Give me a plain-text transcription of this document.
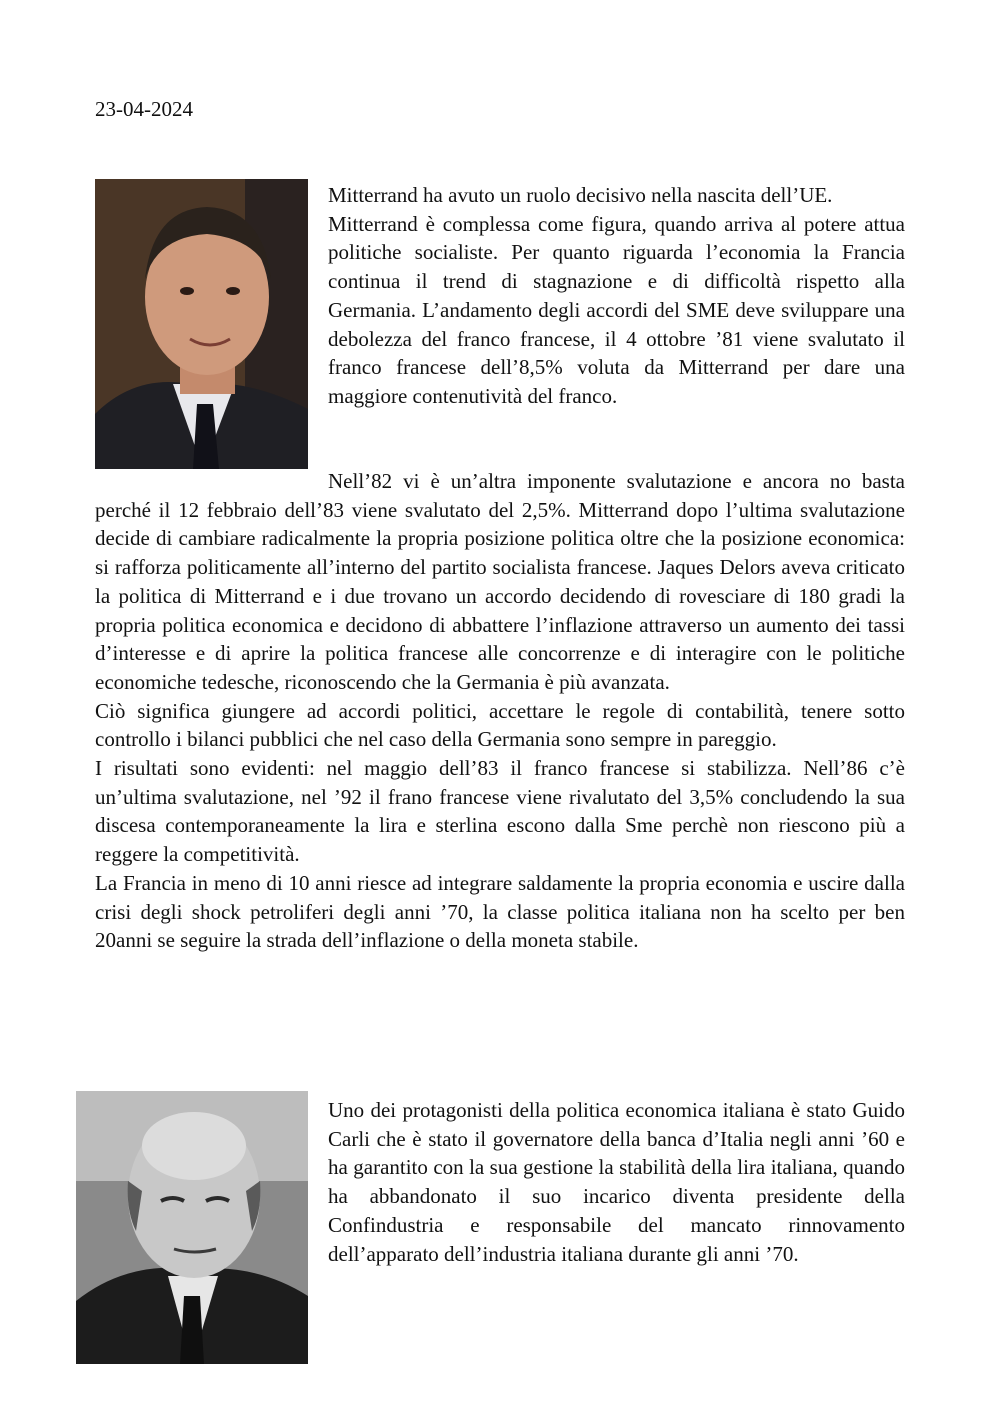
23-04-2024

Mitterrand ha avuto un ruolo decisivo nella nascita dell’UE.

Mitterrand è complessa come figura, quando arriva al potere attua politiche socialiste. Per quanto riguarda l’economia la Francia continua il trend di stagnazione e di difficoltà rispetto alla Germania. L’andamento degli accordi del SME deve sviluppare una debolezza del franco francese, il 4 ottobre ’81 viene svalutato il franco francese dell’8,5% voluta da Mitterrand per dare una maggiore contenutività del franco.

Nell’82 vi è un’altra imponente svalutazione e ancora no basta perché il 12 febbraio dell’83 viene svalutato del 2,5%. Mitterrand dopo l’ultima svalutazione decide di cambiare radicalmente la propria posizione politica oltre che la posizione economica: si rafforza politicamente all’interno del partito socialista francese. Jaques Delors aveva criticato la politica di Mitterrand e i due trovano un accordo decidendo di rovesciare di 180 gradi la propria politica economica e decidono di abbattere l’inflazione attraverso un aumento dei tassi d’interesse e di aprire la politica francese alle concorrenze e di interagire con le politiche economiche tedesche, riconoscendo che la Germania è più avanzata.

Ciò significa giungere ad accordi politici, accettare le regole di contabilità, tenere sotto controllo i bilanci pubblici che nel caso della Germania sono sempre in pareggio.

I risultati sono evidenti: nel maggio dell’83 il franco francese si stabilizza. Nell’86 c’è un’ultima svalutazione, nel ’92 il frano francese viene rivalutato del 3,5% concludendo la sua discesa contemporaneamente la lira e sterlina escono dalla Sme perchè non riescono più a reggere la competitività.

La Francia in meno di 10 anni riesce ad integrare saldamente la propria economia e uscire dalla crisi degli shock petroliferi degli anni ’70, la classe politica italiana non ha scelto per ben 20anni se seguire la strada dell’inflazione o della moneta stabile.

Uno dei protagonisti della politica economica italiana è stato Guido Carli che è stato il governatore della banca d’Italia negli anni ’60 e ha garantito con la sua gestione la stabilità della lira italiana, quando ha abbandonato il suo incarico diventa presidente della Confindustria e responsabile del mancato rinnovamento dell’apparato dell’industria italiana durante gli anni ’70.
